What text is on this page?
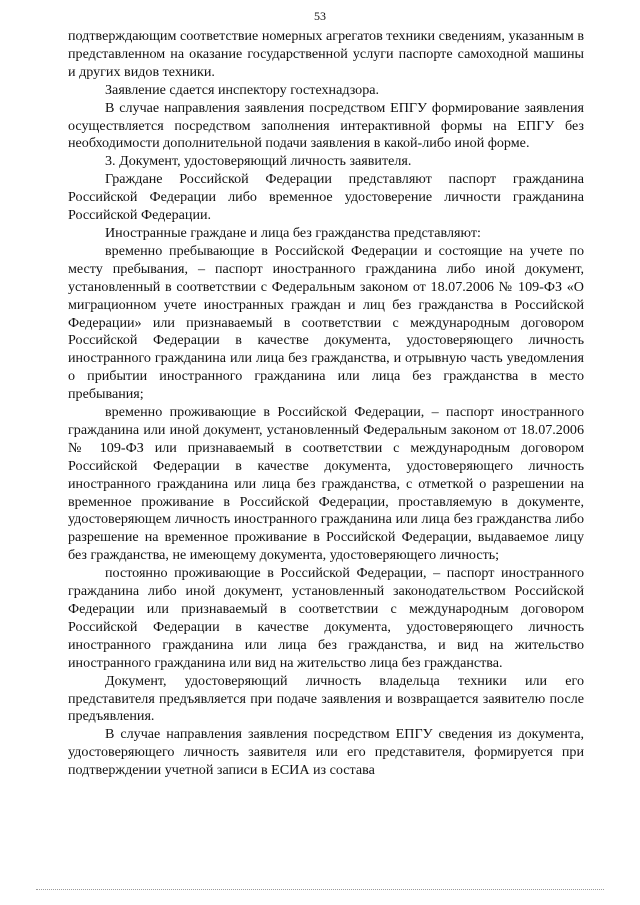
53

подтверждающим соответствие номерных агрегатов техники сведениям, указанным в представленном на оказание государственной услуги паспорте самоходной машины и других видов техники.

Заявление сдается инспектору гостехнадзора.

В случае направления заявления посредством ЕПГУ формирование заявления осуществляется посредством заполнения интерактивной формы на ЕПГУ без необходимости дополнительной подачи заявления в какой-либо иной форме.

3. Документ, удостоверяющий личность заявителя.

Граждане Российской Федерации представляют паспорт гражданина Российской Федерации либо временное удостоверение личности гражданина Российской Федерации.

Иностранные граждане и лица без гражданства представляют:

временно пребывающие в Российской Федерации и состоящие на учете по месту пребывания, – паспорт иностранного гражданина либо иной документ, установленный в соответствии с Федеральным законом от 18.07.2006 № 109-ФЗ «О миграционном учете иностранных граждан и лиц без гражданства в Российской Федерации» или признаваемый в соответствии с международным договором Российской Федерации в качестве документа, удостоверяющего личность иностранного гражданина или лица без гражданства, и отрывную часть уведомления о прибытии иностранного гражданина или лица без гражданства в место пребывания;

временно проживающие в Российской Федерации, – паспорт иностранного гражданина или иной документ, установленный Федеральным законом от 18.07.2006 № 109-ФЗ или признаваемый в соответствии с международным договором Российской Федерации в качестве документа, удостоверяющего личность иностранного гражданина или лица без гражданства, с отметкой о разрешении на временное проживание в Российской Федерации, проставляемую в документе, удостоверяющем личность иностранного гражданина или лица без гражданства либо разрешение на временное проживание в Российской Федерации, выдаваемое лицу без гражданства, не имеющему документа, удостоверяющего личность;

постоянно проживающие в Российской Федерации, – паспорт иностранного гражданина либо иной документ, установленный законодательством Российской Федерации или признаваемый в соответствии с международным договором Российской Федерации в качестве документа, удостоверяющего личность иностранного гражданина или лица без гражданства, и вид на жительство иностранного гражданина или вид на жительство лица без гражданства.

Документ, удостоверяющий личность владельца техники или его представителя предъявляется при подаче заявления и возвращается заявителю после предъявления.

В случае направления заявления посредством ЕПГУ сведения из документа, удостоверяющего личность заявителя или его представителя, формируется при подтверждении учетной записи в ЕСИА из состава
